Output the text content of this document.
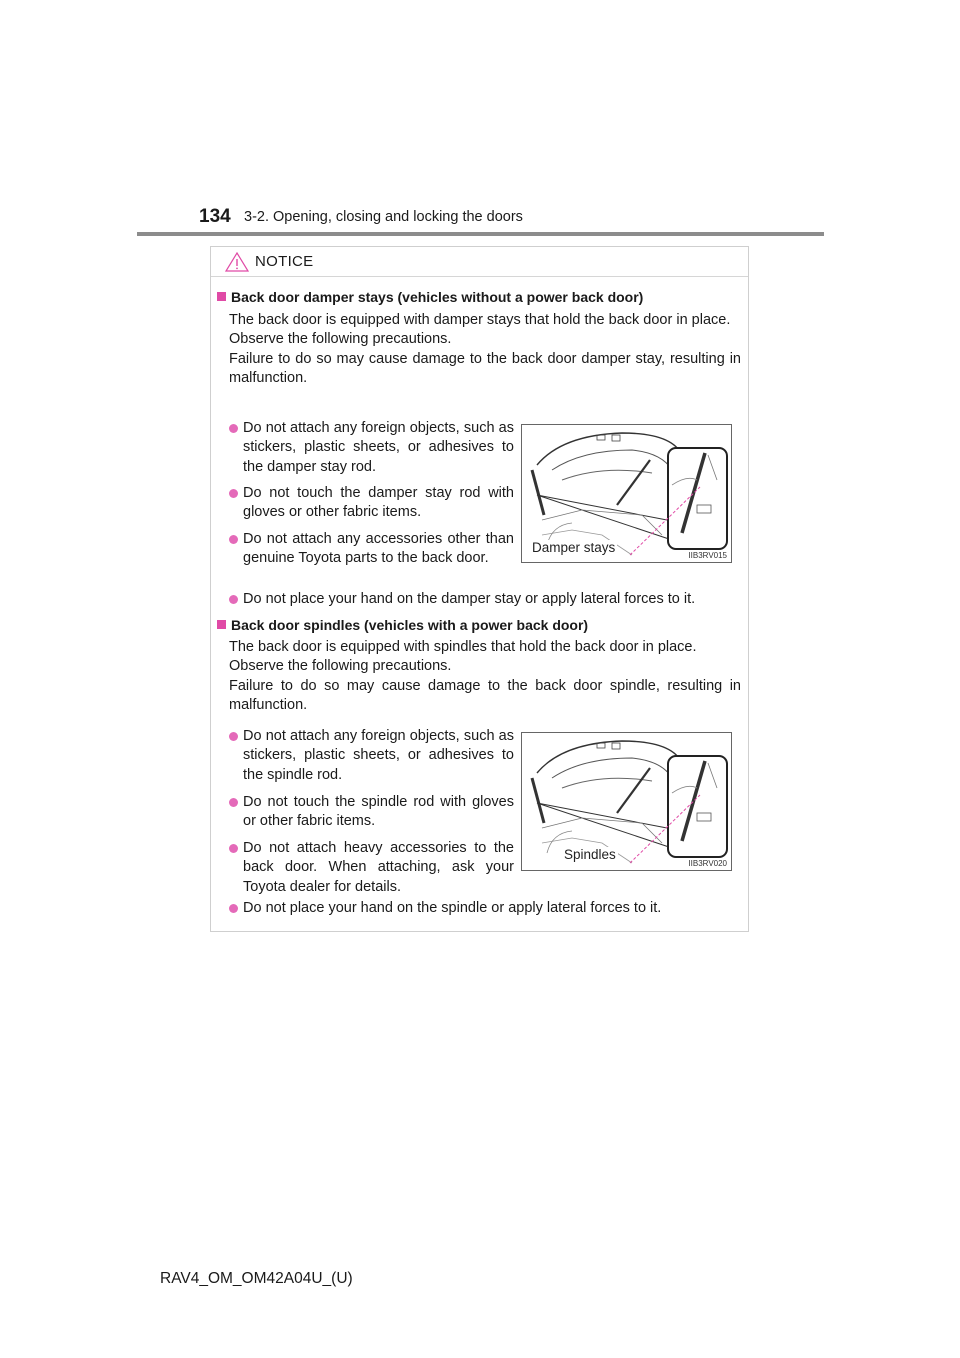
134 3-2. Opening, closing and locking the doors
NOTICE
Back door damper stays (vehicles without a power back door)

The back door is equipped with damper stays that hold the back door in place.

Observe the following precautions.

Failure to do so may cause damage to the back door damper stay, resulting in malfunction.

Do not attach any foreign objects, such as stickers, plastic sheets, or adhesives to the damper stay rod.
Do not touch the damper stay rod with gloves or other fabric items.
Do not attach any accessories other than genuine Toyota parts to the back door.
Do not place your hand on the damper stay or apply lateral forces to it.
Damper stays
IIB3RV015
Back door spindles (vehicles with a power back door)

The back door is equipped with spindles that hold the back door in place.

Observe the following precautions.

Failure to do so may cause damage to the back door spindle, resulting in malfunction.

Do not attach any foreign objects, such as stickers, plastic sheets, or adhesives to the spindle rod.
Do not touch the spindle rod with gloves or other fabric items.
Do not attach heavy accessories to the back door. When attaching, ask your Toyota dealer for details.
Do not place your hand on the spindle or apply lateral forces to it.
Spindles
IIB3RV020
RAV4_OM_OM42A04U_(U)
